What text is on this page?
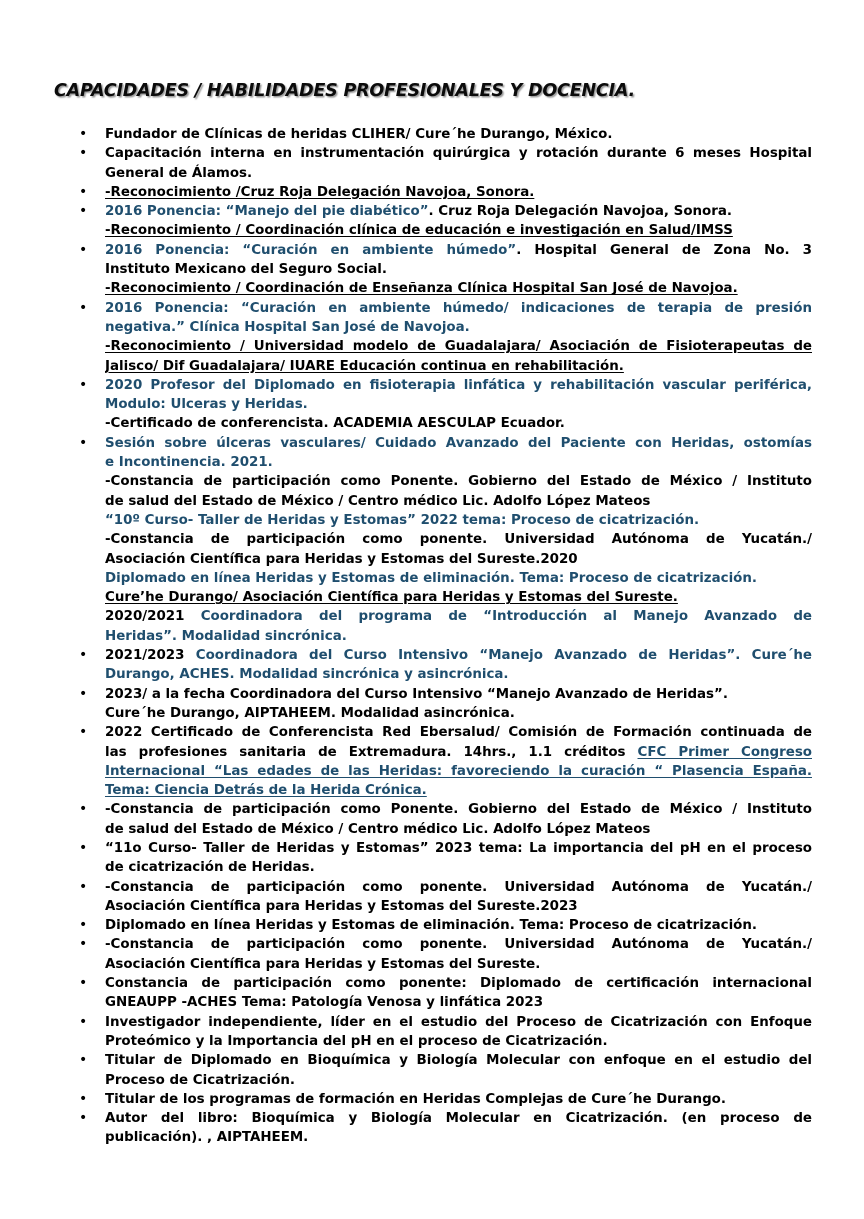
CAPACIDADES / HABILIDADES PROFESIONALES Y DOCENCIA.
•	Fundador de Clínicas de heridas CLIHER/ Cure´he Durango, México.
•	Capacitación interna en instrumentación quirúrgica y rotación durante 6 meses Hospital
General de Álamos.
•	-Reconocimiento /Cruz Roja Delegación Navojoa, Sonora.
•	2016 Ponencia: “Manejo del pie diabético”. Cruz Roja Delegación Navojoa, Sonora.
-Reconocimiento / Coordinación clínica de educación e investigación en Salud/IMSS
•	2016 Ponencia: “Curación en ambiente húmedo”. Hospital General de Zona No. 3
Instituto Mexicano del Seguro Social.
-Reconocimiento / Coordinación de Enseñanza Clínica Hospital San José de Navojoa.
•	2016 Ponencia: “Curación en ambiente húmedo/ indicaciones de terapia de presión
negativa.” Clínica Hospital San José de Navojoa.
-Reconocimiento / Universidad modelo de Guadalajara/ Asociación de Fisioterapeutas de
Jalisco/ Dif Guadalajara/ IUARE Educación continua en rehabilitación.
•	2020 Profesor del Diplomado en fisioterapia linfática y rehabilitación vascular periférica,
Modulo: Ulceras y Heridas.
-Certificado de conferencista. ACADEMIA AESCULAP Ecuador.
•	Sesión sobre úlceras vasculares/ Cuidado Avanzado del Paciente con Heridas, ostomías
e Incontinencia. 2021.
-Constancia de participación como Ponente. Gobierno del Estado de México / Instituto
de salud del Estado de México / Centro médico Lic. Adolfo López Mateos
“10º Curso- Taller de Heridas y Estomas” 2022 tema: Proceso de cicatrización.
-Constancia de participación como ponente. Universidad Autónoma de Yucatán./
Asociación Científica para Heridas y Estomas del Sureste.2020
Diplomado en línea Heridas y Estomas de eliminación. Tema: Proceso de cicatrización.
Cure’he Durango/ Asociación Científica para Heridas y Estomas del Sureste.
2020/2021 Coordinadora del programa de “Introducción al Manejo Avanzado de
Heridas”. Modalidad sincrónica.
•	2021/2023 Coordinadora del Curso Intensivo “Manejo Avanzado de Heridas”. Cure´he
Durango, ACHES. Modalidad sincrónica y asincrónica.
•	2023/ a la fecha Coordinadora del Curso Intensivo “Manejo Avanzado de Heridas”.
Cure´he Durango, AIPTAHEEM. Modalidad asincrónica.
•	2022 Certificado de Conferencista Red Ebersalud/ Comisión de Formación continuada de
las profesiones sanitaria de Extremadura. 14hrs., 1.1 créditos CFC Primer Congreso
Internacional “Las edades de las Heridas: favoreciendo la curación “ Plasencia España.
Tema: Ciencia Detrás de la Herida Crónica.
•	-Constancia de participación como Ponente. Gobierno del Estado de México / Instituto
de salud del Estado de México / Centro médico Lic. Adolfo López Mateos
•	“11o Curso- Taller de Heridas y Estomas” 2023 tema: La importancia del pH en el proceso
de cicatrización de Heridas.
•	-Constancia de participación como ponente. Universidad Autónoma de Yucatán./
Asociación Científica para Heridas y Estomas del Sureste.2023
•	Diplomado en línea Heridas y Estomas de eliminación. Tema: Proceso de cicatrización.
•	-Constancia de participación como ponente. Universidad Autónoma de Yucatán./
Asociación Científica para Heridas y Estomas del Sureste.
•	Constancia de participación como ponente: Diplomado de certificación internacional
GNEAUPP -ACHES Tema: Patología Venosa y linfática 2023
•	Investigador independiente, líder en el estudio del Proceso de Cicatrización con Enfoque
Proteómico y la Importancia del pH en el proceso de Cicatrización.
•	Titular de Diplomado en Bioquímica y Biología Molecular con enfoque en el estudio del
Proceso de Cicatrización.
•	Titular de los programas de formación en Heridas Complejas de Cure´he Durango.
•	Autor del libro: Bioquímica y Biología Molecular en Cicatrización. (en proceso de
publicación). , AIPTAHEEM.
